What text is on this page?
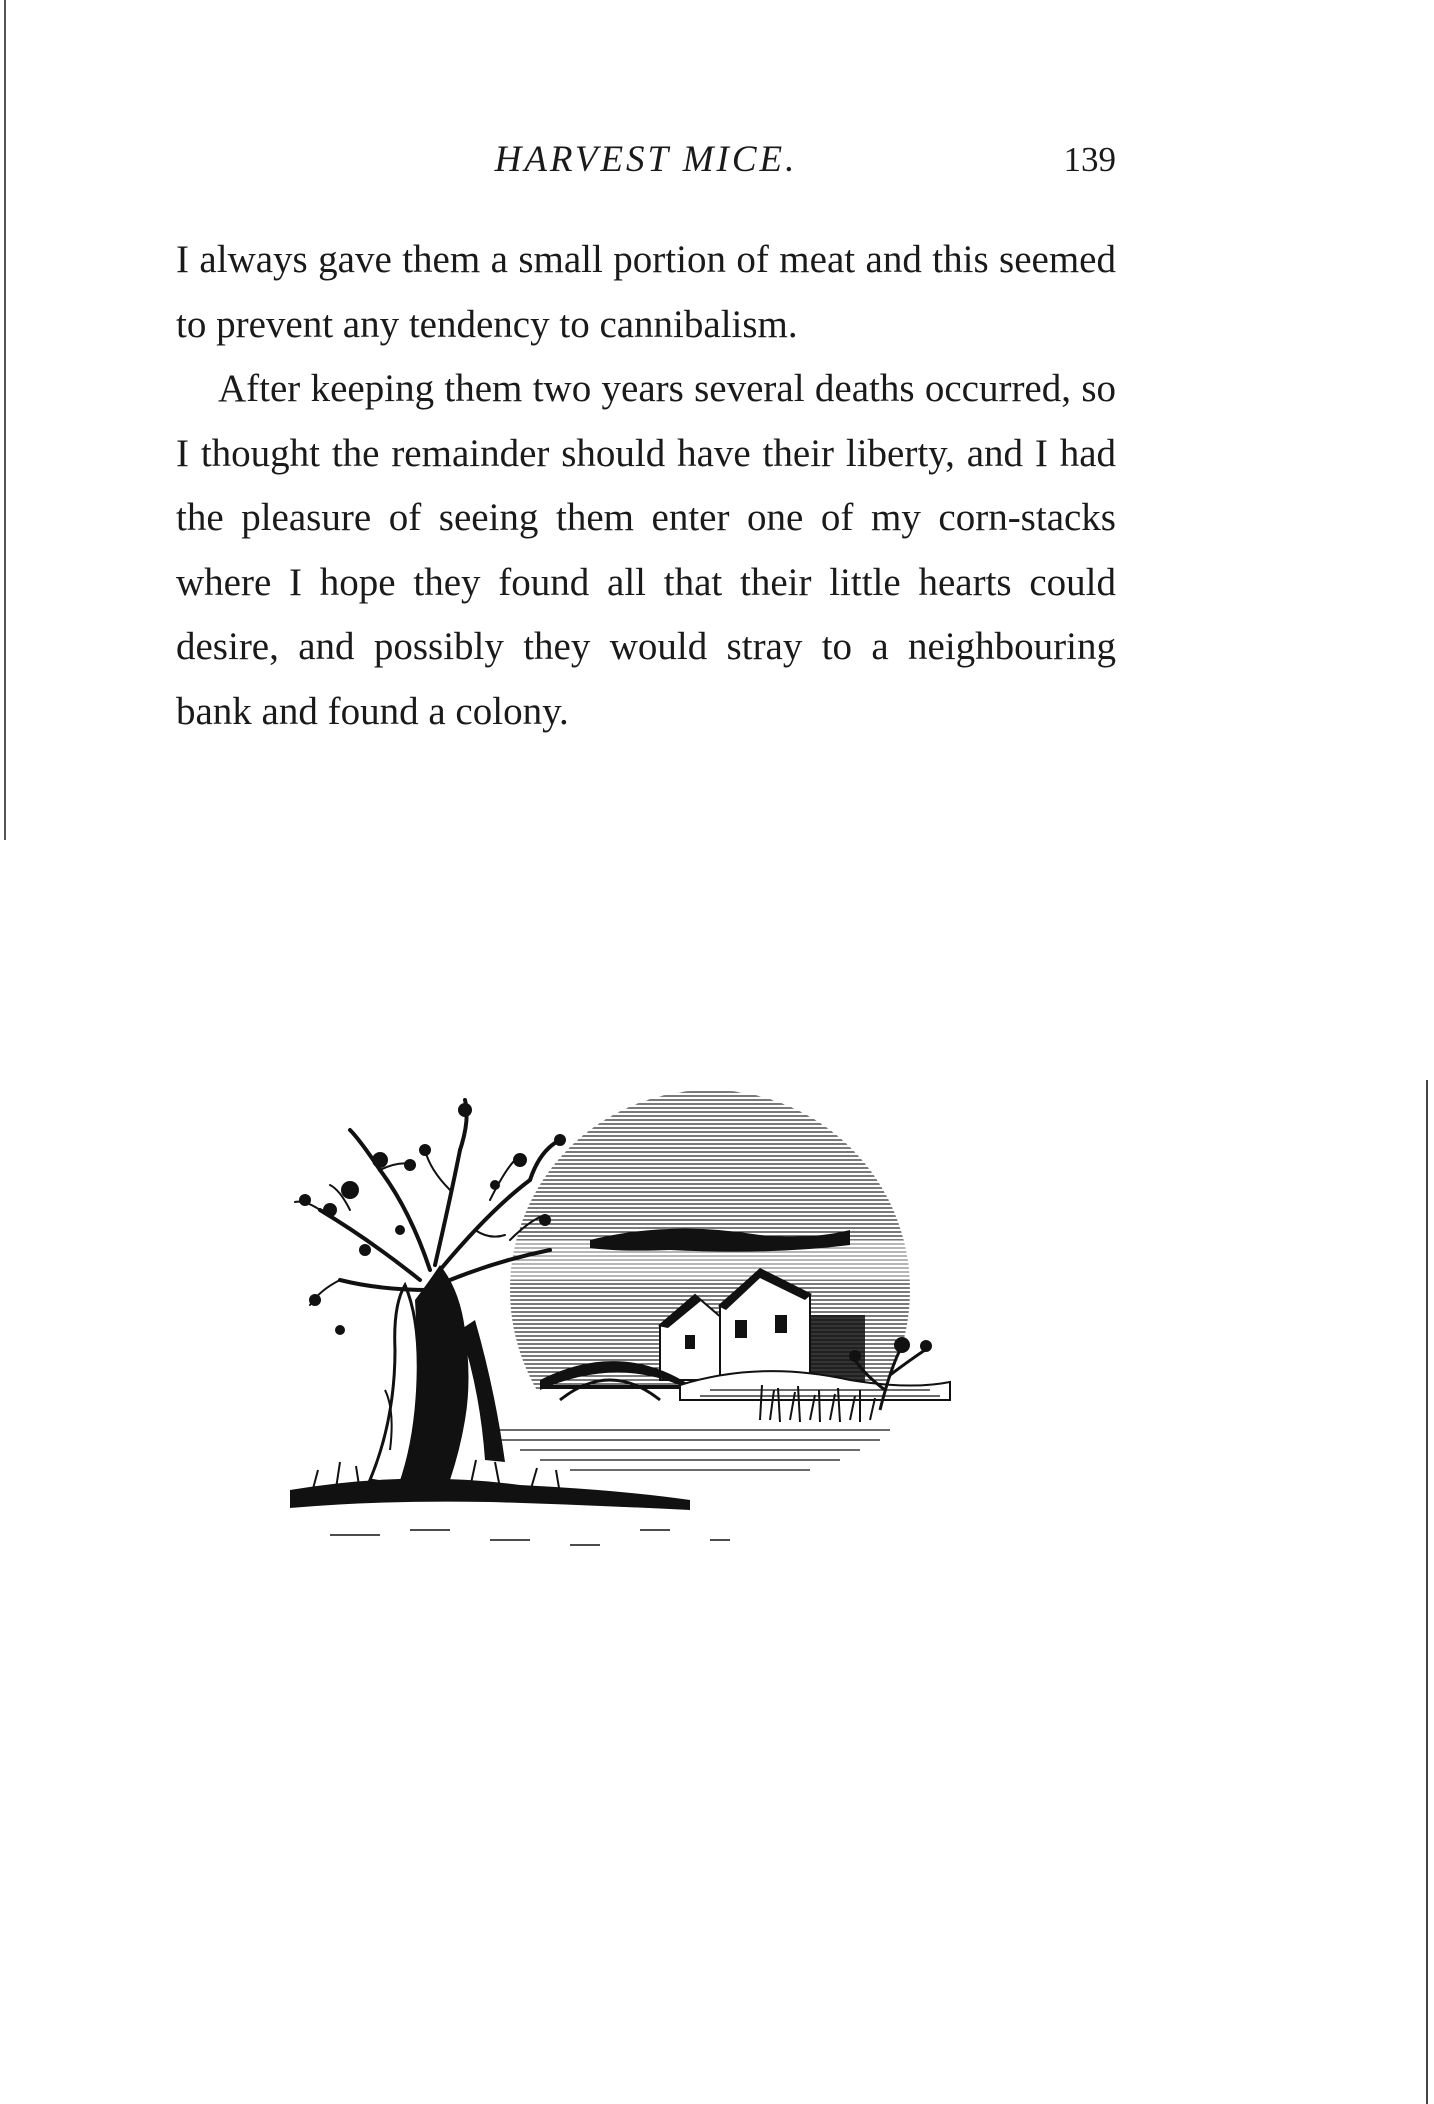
HARVEST MICE.	139

I always gave them a small portion of meat and this seemed to prevent any tendency to cannibalism.

After keeping them two years several deaths occurred, so I thought the remainder should have their liberty, and I had the pleasure of seeing them enter one of my corn-stacks where I hope they found all that their little hearts could desire, and possibly they would stray to a neighbouring bank and found a colony.
